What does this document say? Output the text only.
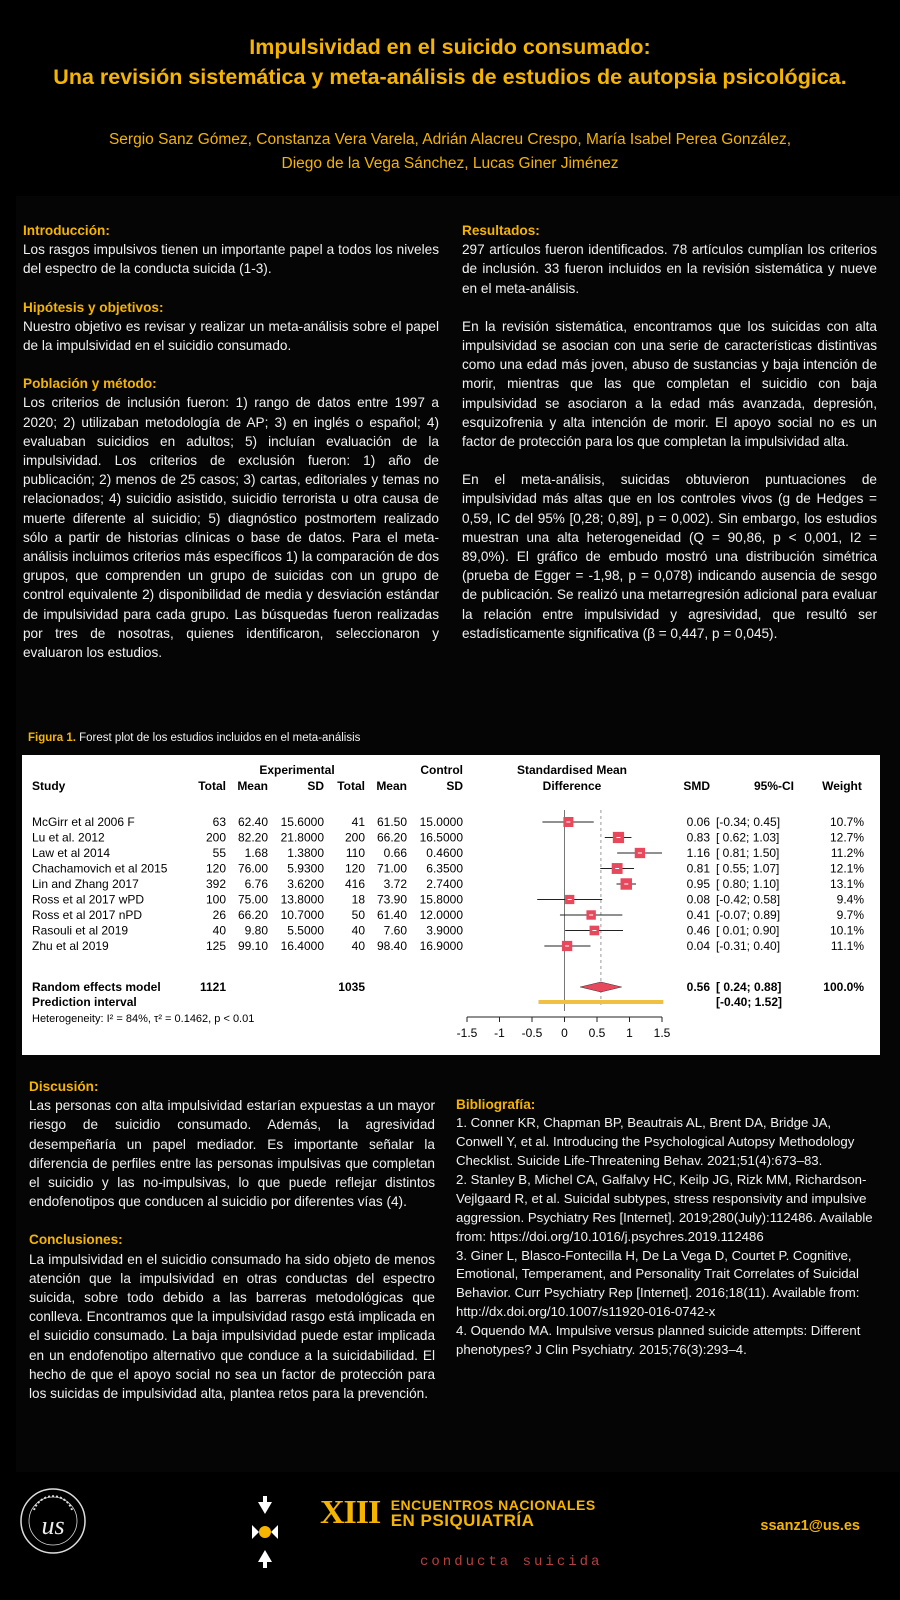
Impulsividad en el suicido consumado:
Una revisión sistemática y meta-análisis de estudios de autopsia psicológica.
Sergio Sanz Gómez, Constanza Vera Varela, Adrián Alacreu Crespo, María Isabel Perea González,
Diego de la Vega Sánchez, Lucas Giner Jiménez
Introducción:
Los rasgos impulsivos tienen un importante papel a todos los niveles del espectro de la conducta suicida (1-3).
Hipótesis y objetivos:
Nuestro objetivo es revisar y realizar un meta-análisis sobre el papel de la impulsividad en el suicidio consumado.
Población y método:
Los criterios de inclusión fueron: 1) rango de datos entre 1997 a 2020; 2) utilizaban metodología de AP; 3) en inglés o español; 4) evaluaban suicidios en adultos; 5) incluían evaluación de la impulsividad. Los criterios de exclusión fueron: 1) año de publicación; 2) menos de 25 casos; 3) cartas, editoriales y temas no relacionados; 4) suicidio asistido, suicidio terrorista u otra causa de muerte diferente al suicidio; 5) diagnóstico postmortem realizado sólo a partir de historias clínicas o base de datos. Para el meta-análisis incluimos criterios más específicos 1) la comparación de dos grupos, que comprenden un grupo de suicidas con un grupo de control equivalente 2) disponibilidad de media y desviación estándar de impulsividad para cada grupo. Las búsquedas fueron realizadas por tres de nosotras, quienes identificaron, seleccionaron y evaluaron los estudios.
Resultados:
297 artículos fueron identificados. 78 artículos cumplían los criterios de inclusión. 33 fueron incluidos en la revisión sistemática y nueve en el meta-análisis.
En la revisión sistemática, encontramos que los suicidas con alta impulsividad se asocian con una serie de características distintivas como una edad más joven, abuso de sustancias y baja intención de morir, mientras que las que completan el suicidio con baja impulsividad se asociaron a la edad más avanzada, depresión, esquizofrenia y alta intención de morir. El apoyo social no es un factor de protección para los que completan la impulsividad alta.
En el meta-análisis, suicidas obtuvieron puntuaciones de impulsividad más altas que en los controles vivos (g de Hedges = 0,59, IC del 95% [0,28; 0,89], p = 0,002). Sin embargo, los estudios muestran una alta heterogeneidad (Q = 90,86, p < 0,001, I2 = 89,0%). El gráfico de embudo mostró una distribución simétrica (prueba de Egger = -1,98, p = 0,078) indicando ausencia de sesgo de publicación. Se realizó una metarregresión adicional para evaluar la relación entre impulsividad y agresividad, que resultó ser estadísticamente significativa (β = 0,447, p = 0,045).
Figura 1. Forest plot de los estudios incluidos en el meta-análisis
Experimental	Control	Standardised Mean
Difference
Study	Total Mean	SD Total Mean	SD	SMD	95%-CI Weight
McGirr et al 2006 F	63 62.40 15.6000 41 61.50 15.0000	0.06 [-0.34; 0.45]	10.7%
Lu et al. 2012	200 82.20 21.8000 200 66.20 16.5000	0.83 [ 0.62; 1.03]	12.7%
Law et al 2014	55 1.68 1.3800 110 0.66 0.4600	1.16 [ 0.81; 1.50]	11.2%
Chachamovich et al 2015	120 76.00 5.9300 120 71.00 6.3500	0.81 [ 0.55; 1.07]	12.1%
Lin and Zhang 2017	392 6.76 3.6200 416 3.72 2.7400	0.95 [ 0.80; 1.10]	13.1%
Ross et al 2017 wPD	100 75.00 13.8000 18 73.90 15.8000	0.08 [-0.42; 0.58]	9.4%
Ross et al 2017 nPD	26 66.20 10.7000 50 61.40 12.0000	0.41 [-0.07; 0.89]	9.7%
Rasouli et al 2019	40 9.80 5.5000 40 7.60 3.9000	0.46 [ 0.01; 0.90]	10.1%
Zhu et al 2019	125 99.10 16.4000 40 98.40 16.9000	0.04 [-0.31; 0.40]	11.1%
Random effects model	1121	1035	0.56 [ 0.24; 0.88]	100.0%
Prediction interval	[-0.40; 1.52]
Heterogeneity: I² = 84%, τ² = 0.1462, p < 0.01
-1.5 -1 -0.5 0 0.5 1 1.5
Discusión:
Las personas con alta impulsividad estarían expuestas a un mayor riesgo de suicidio consumado. Además, la agresividad desempeñaría un papel mediador. Es importante señalar la diferencia de perfiles entre las personas impulsivas que completan el suicidio y las no-impulsivas, lo que puede reflejar distintos endofenotipos que conducen al suicidio por diferentes vías (4).
Conclusiones:
La impulsividad en el suicidio consumado ha sido objeto de menos atención que la impulsividad en otras conductas del espectro suicida, sobre todo debido a las barreras metodológicas que conlleva. Encontramos que la impulsividad rasgo está implicada en el suicidio consumado. La baja impulsividad puede estar implicada en un endofenotipo alternativo que conduce a la suicidabilidad. El hecho de que el apoyo social no sea un factor de protección para los suicidas de impulsividad alta, plantea retos para la prevención.
Bibliografía:
1. Conner KR, Chapman BP, Beautrais AL, Brent DA, Bridge JA, Conwell Y, et al. Introducing the Psychological Autopsy Methodology Checklist. Suicide Life-Threatening Behav. 2021;51(4):673–83.
2. Stanley B, Michel CA, Galfalvy HC, Keilp JG, Rizk MM, Richardson-Vejlgaard R, et al. Suicidal subtypes, stress responsivity and impulsive aggression. Psychiatry Res [Internet]. 2019;280(July):112486. Available from: https://doi.org/10.1016/j.psychres.2019.112486
3. Giner L, Blasco-Fontecilla H, De La Vega D, Courtet P. Cognitive, Emotional, Temperament, and Personality Trait Correlates of Suicidal Behavior. Curr Psychiatry Rep [Internet]. 2016;18(11). Available from: http://dx.doi.org/10.1007/s11920-016-0742-x
4. Oquendo MA. Impulsive versus planned suicide attempts: Different phenotypes? J Clin Psychiatry. 2015;76(3):293–4.
us	XIII ENCUENTROS NACIONALES
EN PSIQUIATRÍA
conducta suicida
ssanz1@us.es
